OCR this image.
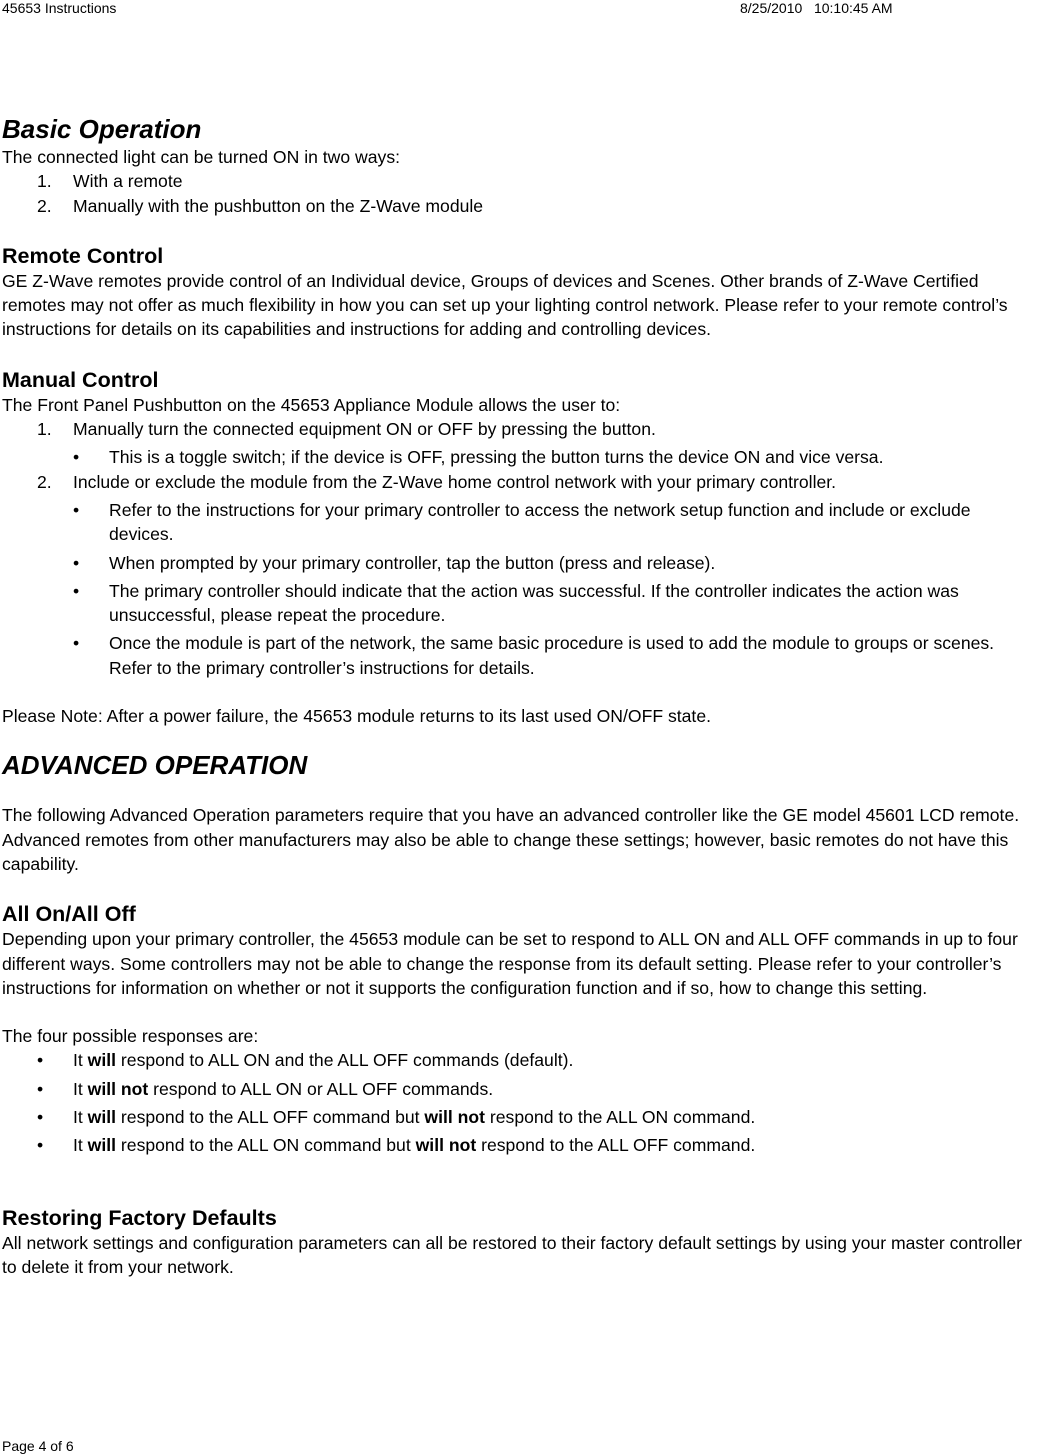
45653 Instructions	8/25/2010   10:10:45 AM
Basic Operation

The connected light can be turned ON in two ways:

1.	With a remote
2.	Manually with the pushbutton on the Z-Wave module
Remote Control

GE Z-Wave remotes provide control of an Individual device, Groups of devices and Scenes. Other brands of Z-Wave Certified remotes may not offer as much flexibility in how you can set up your lighting control network. Please refer to your remote control’s instructions for details on its capabilities and instructions for adding and controlling devices.

Manual Control

The Front Panel Pushbutton on the 45653 Appliance Module allows the user to:

1.	Manually turn the connected equipment ON or OFF by pressing the button.
•	This is a toggle switch; if the device is OFF, pressing the button turns the device ON and vice versa.
2.	Include or exclude the module from the Z-Wave home control network with your primary controller.
•	Refer to the instructions for your primary controller to access the network setup function and include or exclude devices.
•	When prompted by your primary controller, tap the button (press and release).
•	The primary controller should indicate that the action was successful. If the controller indicates the action was unsuccessful, please repeat the procedure.
•	Once the module is part of the network, the same basic procedure is used to add the module to groups or scenes. Refer to the primary controller’s instructions for details.

Please Note: After a power failure, the 45653 module returns to its last used ON/OFF state.

ADVANCED OPERATION

The following Advanced Operation parameters require that you have an advanced controller like the GE model 45601 LCD remote. Advanced remotes from other manufacturers may also be able to change these settings; however, basic remotes do not have this capability.

All On/All Off

Depending upon your primary controller, the 45653 module can be set to respond to ALL ON and ALL OFF commands in up to four different ways. Some controllers may not be able to change the response from its default setting. Please refer to your controller’s instructions for information on whether or not it supports the configuration function and if so, how to change this setting.

The four possible responses are:

•	It will respond to ALL ON and the ALL OFF commands (default).
•	It will not respond to ALL ON or ALL OFF commands.
•	It will respond to the ALL OFF command but will not respond to the ALL ON command.
•	It will respond to the ALL ON command but will not respond to the ALL OFF command.
Restoring Factory Defaults

All network settings and configuration parameters can all be restored to their factory default settings by using your master controller to delete it from your network.

Page 4 of 6
